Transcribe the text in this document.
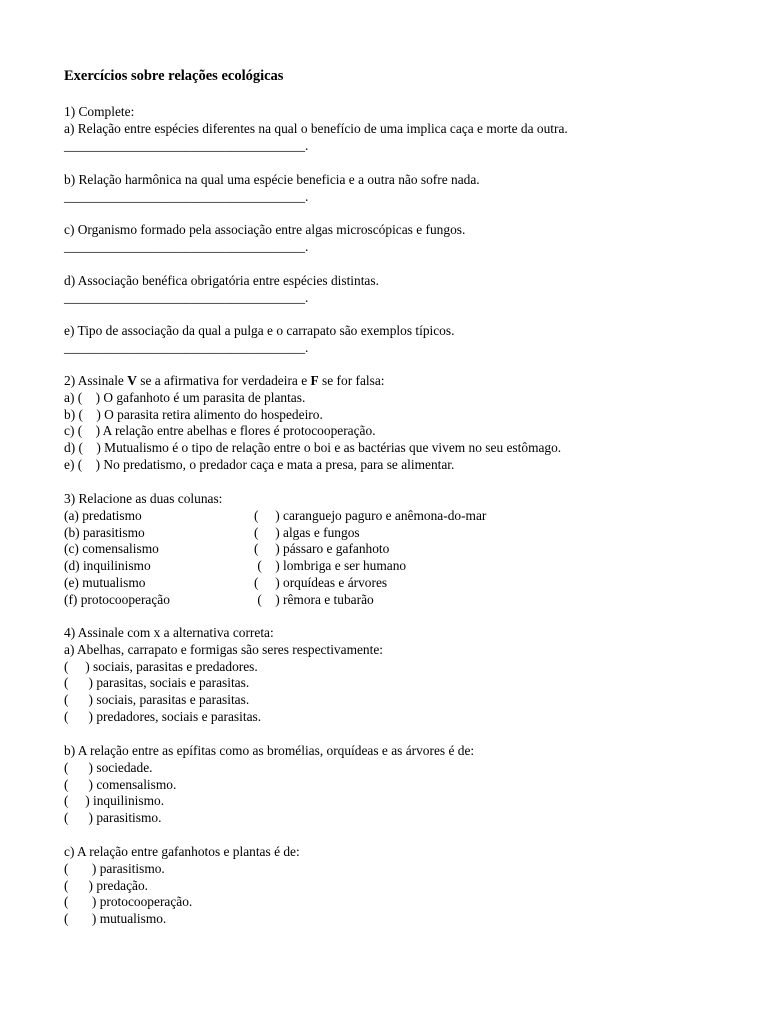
Exercícios sobre relações ecológicas
1) Complete:
a) Relação entre espécies diferentes na qual o benefício de uma implica caça e morte da outra.
____________________________________.
b) Relação harmônica na qual uma espécie beneficia e a outra não sofre nada.
____________________________________.
c) Organismo formado pela associação entre algas microscópicas e fungos.
____________________________________.
d) Associação benéfica obrigatória entre espécies distintas.
____________________________________.
e) Tipo de associação da qual a pulga e o carrapato são exemplos típicos.
____________________________________.
2) Assinale V se a afirmativa for verdadeira e F se for falsa:
a) (    ) O gafanhoto é um parasita de plantas.
b) (    ) O parasita retira alimento do hospedeiro.
c) (    ) A relação entre abelhas e flores é protocooperação.
d) (    ) Mutualismo é o tipo de relação entre o boi e as bactérias que vivem no seu estômago.
e) (    ) No predatismo, o predador caça e mata a presa, para se alimentar.
3) Relacione as duas colunas:
(a) predatismo	(     ) caranguejo paguro e anêmona-do-mar
(b) parasitismo	(     ) algas e fungos
(c) comensalismo	(     ) pássaro e gafanhoto
(d) inquilinismo	(    ) lombriga e ser humano
(e) mutualismo	(     ) orquídeas e árvores
(f) protocooperação	(    ) rêmora e tubarão
4) Assinale com x a alternativa correta:
a) Abelhas, carrapato e formigas são seres respectivamente:
(     ) sociais, parasitas e predadores.
(      ) parasitas, sociais e parasitas.
(      ) sociais, parasitas e parasitas.
(      ) predadores, sociais e parasitas.
b) A relação entre as epífitas como as bromélias, orquídeas e as árvores é de:
(      ) sociedade.
(      ) comensalismo.
(     ) inquilinismo.
(      ) parasitismo.
c) A relação entre gafanhotos e plantas é de:
(       ) parasitismo.
(      ) predação.
(       ) protocooperação.
(       ) mutualismo.
